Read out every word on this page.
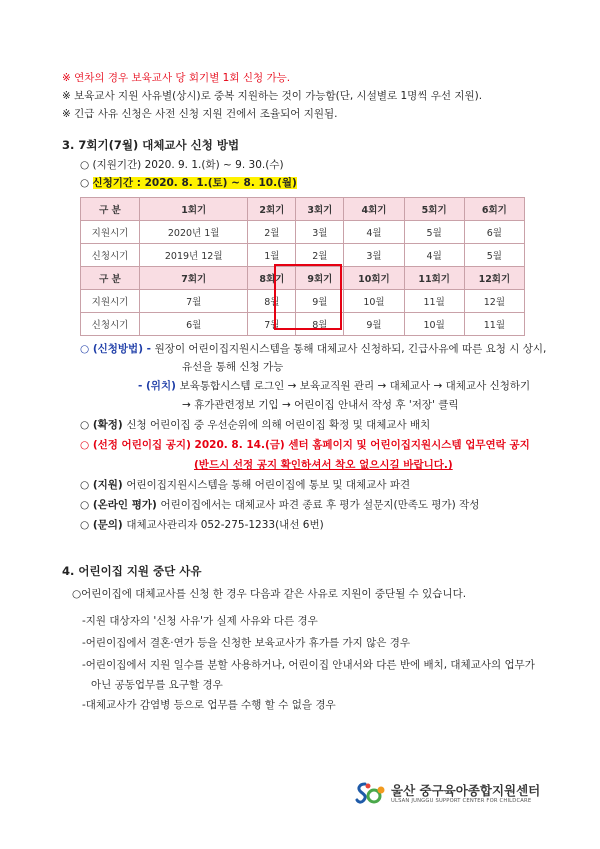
※ 연차의 경우 보육교사 당 회기별 1회 신청 가능.
※ 보육교사 지원 사유별(상시)로 중복 지원하는 것이 가능함(단, 시설별로 1명씩 우선 지원).
※ 긴급 사유 신청은 사전 신청 지원 건에서 조율되어 지원됨.
3. 7회기(7월) 대체교사 신청 방법
○ (지원기간) 2020. 9. 1.(화) ~ 9. 30.(수)
○ 신청기간 : 2020. 8. 1.(토) ~ 8. 10.(월)
구 분	1회기	2회기	3회기	4회기	5회기	6회기
지원시기	2020년 1월	2월	3월	4월	5월	6월
신청시기	2019년 12월	1월	2월	3월	4월	5월
구 분	7회기	8회기	9회기	10회기	11회기	12회기
지원시기	7월	8월	9월	10월	11월	12월
신청시기	6월	7월	8월	9월	10월	11월
○ (신청방법) - 원장이 어린이집지원시스템을 통해 대체교사 신청하되, 긴급사유에 따른 요청 시 상시,
유선을 통해 신청 가능
- (위치) 보육통합시스템 로그인 → 보육교직원 관리 → 대체교사 → 대체교사 신청하기
→ 휴가관련정보 기입 → 어린이집 안내서 작성 후 '저장' 클릭
○ (확정) 신청 어린이집 중 우선순위에 의해 어린이집 확정 및 대체교사 배치
○ (선정 어린이집 공지) 2020. 8. 14.(금) 센터 홈페이지 및 어린이집지원시스템 업무연락 공지
(반드시 선정 공지 확인하셔서 착오 없으시길 바랍니다.)
○ (지원) 어린이집지원시스템을 통해 어린이집에 통보 및 대체교사 파견
○ (온라인 평가) 어린이집에서는 대체교사 파견 종료 후 평가 설문지(만족도 평가) 작성
○ (문의) 대체교사관리자 052-275-1233(내선 6번)
4. 어린이집 지원 중단 사유
○어린이집에 대체교사를 신청 한 경우 다음과 같은 사유로 지원이 중단될 수 있습니다.
-지원 대상자의 '신청 사유'가 실제 사유와 다른 경우
-어린이집에서 결혼·연가 등을 신청한 보육교사가 휴가를 가지 않은 경우
-어린이집에서 지원 일수를 분할 사용하거나, 어린이집 안내서와 다른 반에 배치, 대체교사의 업무가
아닌 공동업무를 요구할 경우
-대체교사가 감염병 등으로 업무를 수행 할 수 없을 경우
울산 중구육아종합지원센터
ULSAN JUNGGU SUPPORT CENTER FOR CHILDCARE
